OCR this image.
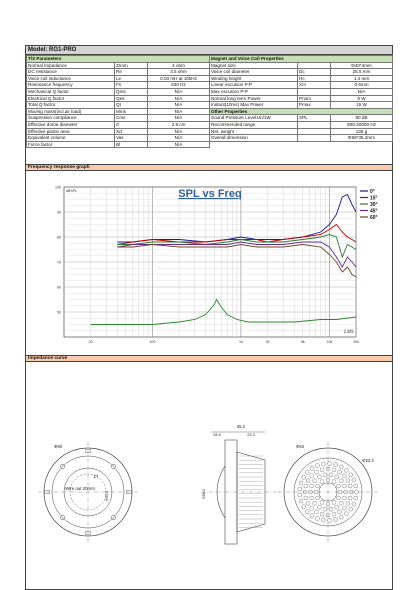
Model: RG1-PRO
T/S Parameters		
Normal Impedance	Znom	4 ohm
DC resistance	Re	3.5 ohm
Voice coil inductance	Le	0.03 mH at 10kHz
Resonance frequency	Fs	530 Hz
Mechanical Q factor	Qms	N/A
Electrical Q factor	Qes	N/A
Total Q factor	Qt	N/A
Moving mass(incl.air load)	Mms	N/A
Suspension compliance	Cms	N/A
Effective dome diameter	d	2.8 cm
Effective piston area	Sd	N/A
Equivalent volume	Vas	N/A
Force factor	Bl	N/A
Magnet and Voice Coil Properties		
Magnet size		Φ40*4mm
Voice coil diameter	Dc	25.5 mm
Winding height	Hc	1.4 mm
Linear excusion P-P	Xm	0.6mm
Max excusion P-P		N/A
Normal long term Power	Pnom	8 W
Instant(10ms) Max Power	Pmax	15 W
Other Properties		
Sound Pressure Level1m/1W	SPL	90 dB
Recommended range		600-20000 Hz
Net. weight		135 g
Overall dimension		Φ69*35.2mm
Frequency response graph
100
90
80
70
60
50
20	100	1k	2k	5k	10k	20k
dBSPL	SPL vs Freq	0°
15°
30°
45°
60°
LMS
Impedance curve
Φ69
17
Φ33.4
Wire out 20mm
35.2
28.9	23.3
Φ58.2
Φ63
Φ23.3
